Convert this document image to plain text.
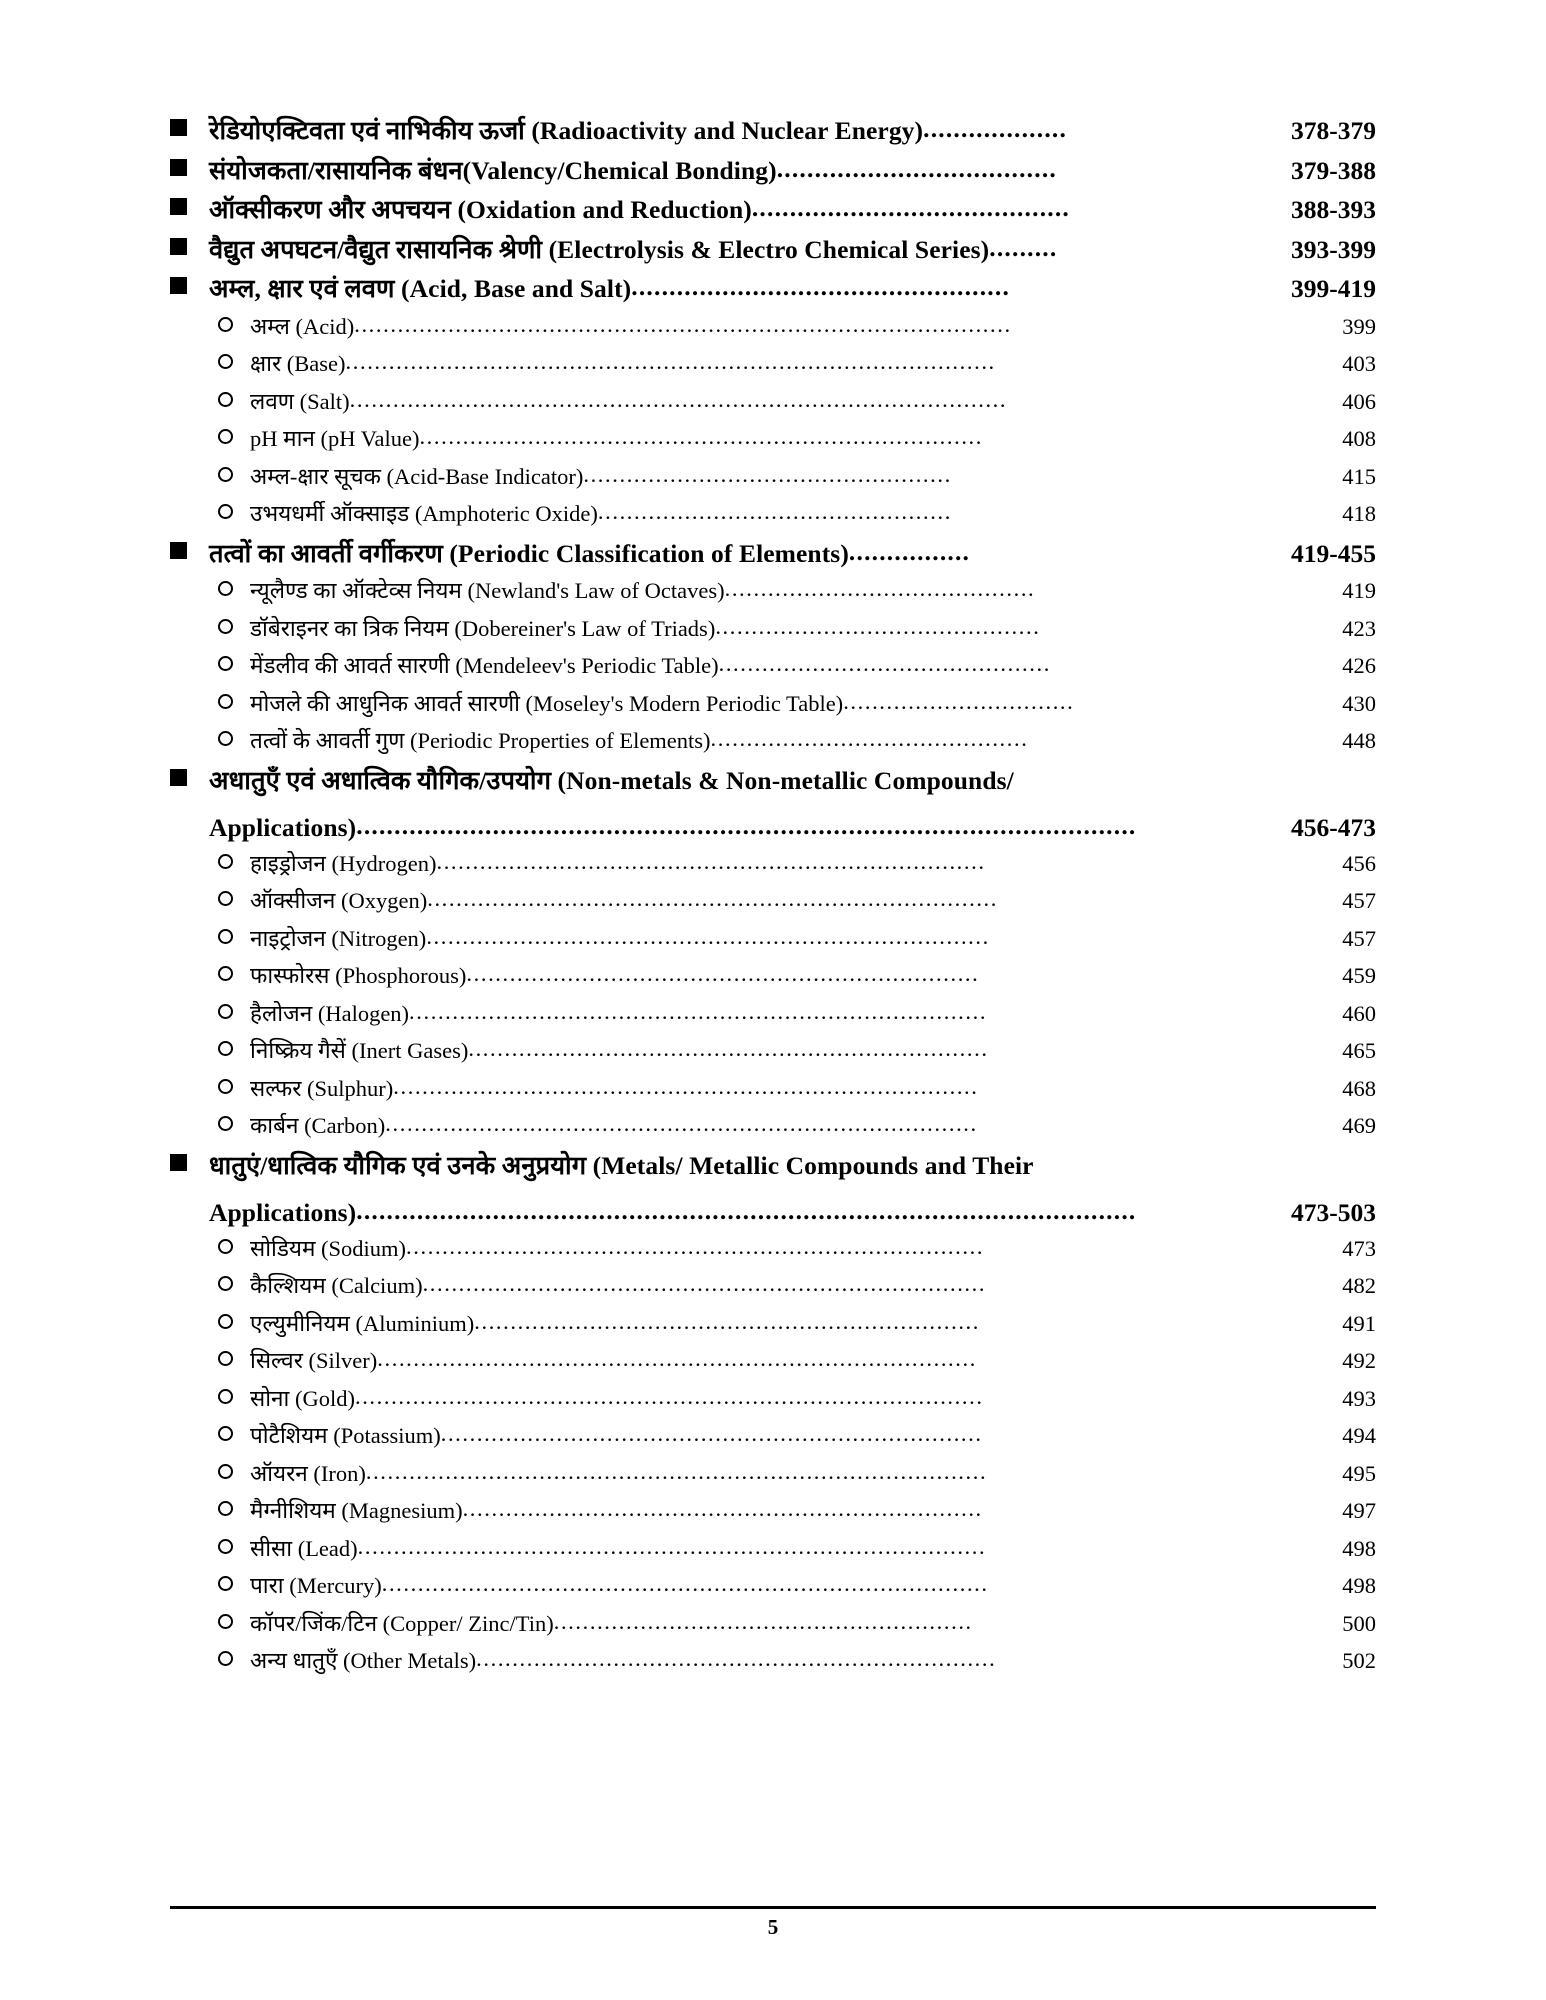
रेडियोएक्टिवता एवं नाभिकीय ऊर्जा (Radioactivity and Nuclear Energy) ...................	378-379
संयोजकता/रासायनिक बंधन(Valency/Chemical Bonding) .....................................	379-388
ऑक्सीकरण और अपचयन (Oxidation and Reduction) ..........................................	388-393
वैद्युत अपघटन/वैद्युत रासायनिक श्रेणी (Electrolysis & Electro Chemical Series) .........	393-399
अम्ल, क्षार एवं लवण (Acid, Base and Salt) ..................................................	399-419
अम्ल (Acid) ...........................................................................................	399
क्षार (Base) ..........................................................................................	403
लवण (Salt) ...........................................................................................	406
pH मान (pH Value) ..............................................................................	408
अम्ल-क्षार सूचक (Acid-Base Indicator) ...................................................	415
उभयधर्मी ऑक्साइड (Amphoteric Oxide) .................................................	418
तत्वों का आवर्ती वर्गीकरण (Periodic Classification of Elements) ................	419-455
न्यूलैण्ड का ऑक्टेव्स नियम (Newland's Law of Octaves) ...........................................	419
डॉबेराइनर का त्रिक नियम (Dobereiner's Law of Triads) .............................................	423
मेंडलीव की आवर्त सारणी (Mendeleev's Periodic Table) ..............................................	426
मोजले की आधुनिक आवर्त सारणी (Moseley's Modern Periodic Table) ................................	430
तत्वों के आवर्ती गुण (Periodic Properties of Elements) ............................................	448
अधातुएँ एवं अधात्विक यौगिक/उपयोग (Non-metals & Non-metallic Compounds/
Applications) .......................................................................................................	456-473
हाइड्रोजन (Hydrogen) ............................................................................	456
ऑक्सीजन (Oxygen) ...............................................................................	457
नाइट्रोजन (Nitrogen) ..............................................................................	457
फास्फोरस (Phosphorous) .......................................................................	459
हैलोजन (Halogen) ................................................................................	460
निष्क्रिय गैसें (Inert Gases) ........................................................................	465
सल्फर (Sulphur) .................................................................................	468
कार्बन (Carbon) ..................................................................................	469
धातुएं/धात्विक यौगिक एवं उनके अनुप्रयोग (Metals/ Metallic Compounds and Their
Applications) .......................................................................................................	473-503
सोडियम (Sodium) ................................................................................	473
कैल्शियम (Calcium) ..............................................................................	482
एल्युमीनियम (Aluminium) ......................................................................	491
सिल्वर (Silver) ...................................................................................	492
सोना (Gold) .......................................................................................	493
पोटैशियम (Potassium) ...........................................................................	494
ऑयरन (Iron) ......................................................................................	495
मैग्नीशियम (Magnesium) ........................................................................	497
सीसा (Lead) .......................................................................................	498
पारा (Mercury) ....................................................................................	498
कॉपर/जिंक/टिन (Copper/ Zinc/Tin) ..........................................................	500
अन्य धातुएँ (Other Metals) ........................................................................	502
5
